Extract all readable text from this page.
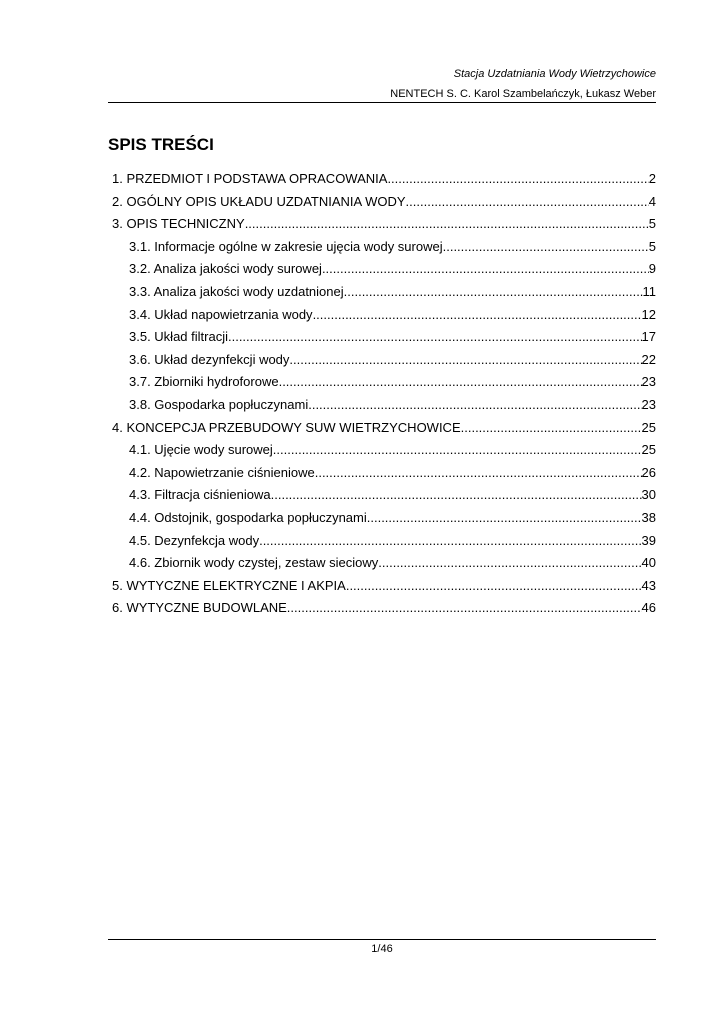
Stacja Uzdatniania Wody Wietrzychowice
NENTECH S. C. Karol Szambelańczyk, Łukasz Weber
SPIS TREŚCI
1. PRZEDMIOT I PODSTAWA OPRACOWANIA .....	2
2. OGÓLNY OPIS UKŁADU UZDATNIANIA WODY .....	4
3. OPIS TECHNICZNY .....	5
3.1. Informacje ogólne w zakresie ujęcia wody surowej .....	5
3.2. Analiza jakości wody surowej .....	9
3.3. Analiza jakości wody uzdatnionej .....	11
3.4. Układ napowietrzania wody .....	12
3.5. Układ filtracji .....	17
3.6. Układ dezynfekcji wody .....	22
3.7. Zbiorniki hydroforowe .....	23
3.8. Gospodarka popłuczynami .....	23
4. KONCEPCJA PRZEBUDOWY SUW WIETRZYCHOWICE .....	25
4.1. Ujęcie wody surowej .....	25
4.2. Napowietrzanie ciśnieniowe .....	26
4.3. Filtracja ciśnieniowa .....	30
4.4. Odstojnik, gospodarka popłuczynami .....	38
4.5. Dezynfekcja wody .....	39
4.6. Zbiornik wody czystej, zestaw sieciowy .....	40
5. WYTYCZNE ELEKTRYCZNE I AKPIA .....	43
6. WYTYCZNE BUDOWLANE .....	46
1/46
